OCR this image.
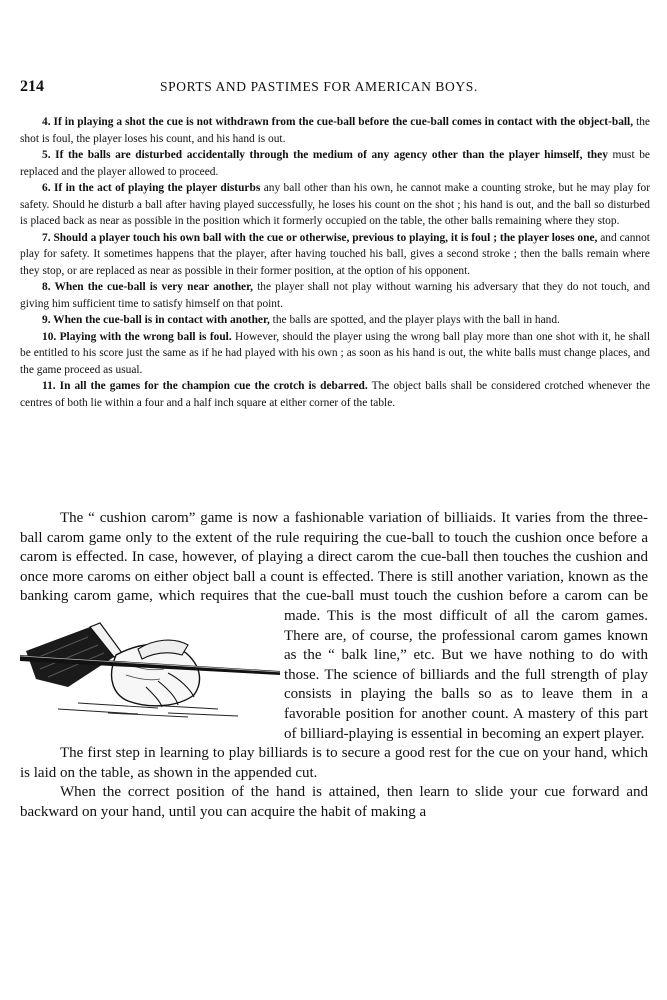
214	SPORTS AND PASTIMES FOR AMERICAN BOYS.

4. If in playing a shot the cue is not withdrawn from the cue-ball before the cue-ball comes in contact with the object-ball, the shot is foul, the player loses his count, and his hand is out.

5. If the balls are disturbed accidentally through the medium of any agency other than the player himself, they must be replaced and the player allowed to proceed.

6. If in the act of playing the player disturbs any ball other than his own, he cannot make a counting stroke, but he may play for safety. Should he disturb a ball after having played successfully, he loses his count on the shot ; his hand is out, and the ball so disturbed is placed back as near as possible in the position which it formerly occupied on the table, the other balls remaining where they stop.

7. Should a player touch his own ball with the cue or otherwise, previous to playing, it is foul ; the player loses one, and cannot play for safety. It sometimes happens that the player, after having touched his ball, gives a second stroke ; then the balls remain where they stop, or are replaced as near as possible in their former position, at the option of his opponent.

8. When the cue-ball is very near another, the player shall not play without warning his adversary that they do not touch, and giving him sufficient time to satisfy himself on that point.

9. When the cue-ball is in contact with another, the balls are spotted, and the player plays with the ball in hand.

10. Playing with the wrong ball is foul. However, should the player using the wrong ball play more than one shot with it, he shall be entitled to his score just the same as if he had played with his own ; as soon as his hand is out, the white balls must change places, and the game proceed as usual.

11. In all the games for the champion cue the crotch is debarred. The object balls shall be considered crotched whenever the centres of both lie within a four and a half inch square at either corner of the table.

The “ cushion carom” game is now a fashionable variation of billiaids. It varies from the three-ball carom game only to the extent of the rule requiring the cue-ball to touch the cushion once before a carom is effected. In case, however, of playing a direct carom the cue-ball then touches the cushion and once more caroms on either object ball a count is effected. There is still another variation, known as the banking carom game, which requires that the cue-ball must touch
the cushion before a carom can be made. This is the most difficult of all the carom games. There are, of course, the professional carom games known as the “ balk line,” etc. But we have nothing to do with those. The science of billiards and the full strength of play consists in playing the balls so as to leave them in a favorable position for another count. A mastery of this part of billiard-playing is essential in becoming an expert player.

The first step in learning to play billiards is to secure a good rest for the cue on your hand, which is laid on the table, as shown in the appended cut.

When the correct position of the hand is attained, then learn to slide your cue forward and backward on your hand, until you can acquire the habit of making a
